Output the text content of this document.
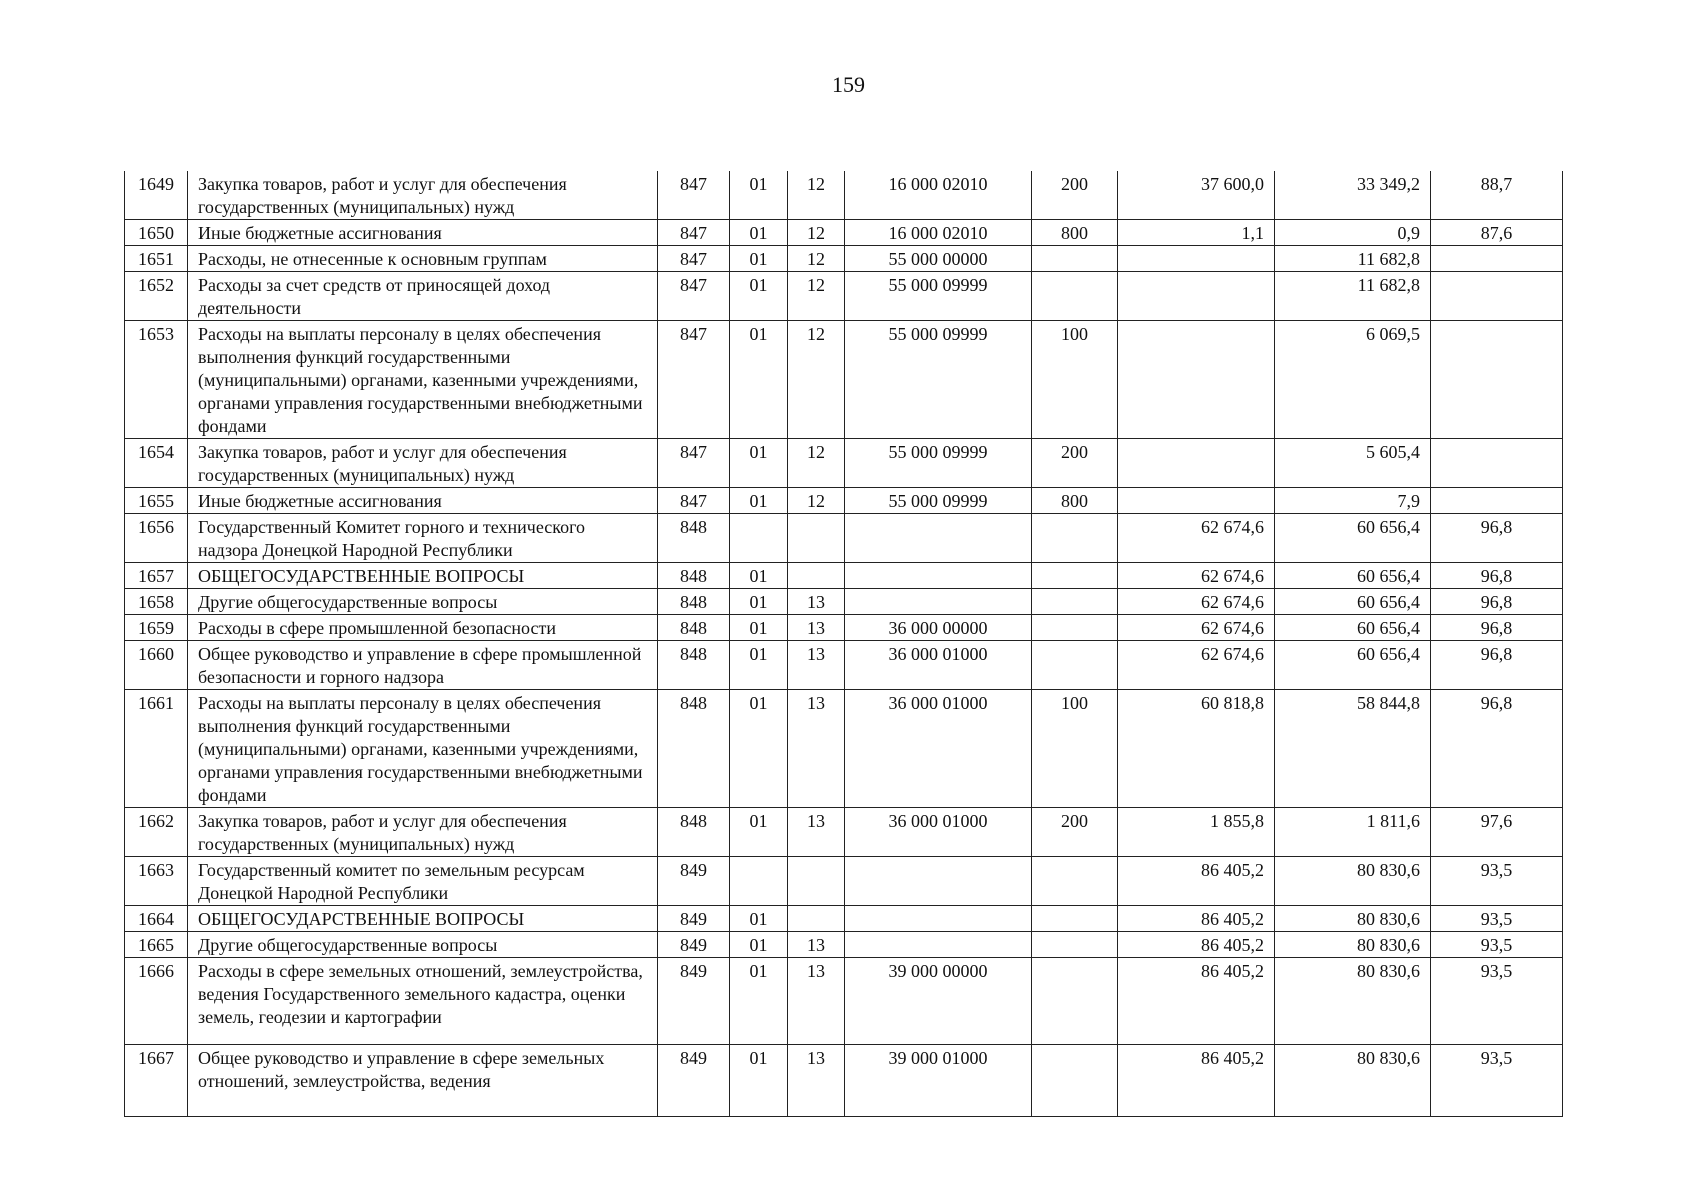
159
1649	Закупка товаров, работ и услуг для обеспечения государственных (муниципальных) нужд	847	01	12	16 000 02010	200	37 600,0	33 349,2	88,7
1650	Иные бюджетные ассигнования	847	01	12	16 000 02010	800	1,1	0,9	87,6
1651	Расходы, не отнесенные к основным группам	847	01	12	55 000 00000			11 682,8	
1652	Расходы за счет средств от приносящей доход деятельности	847	01	12	55 000 09999			11 682,8	
1653	Расходы на выплаты персоналу в целях обеспечения выполнения функций государственными (муниципальными) органами, казенными учреждениями, органами управления государственными внебюджетными фондами	847	01	12	55 000 09999	100		6 069,5	
1654	Закупка товаров, работ и услуг для обеспечения государственных (муниципальных) нужд	847	01	12	55 000 09999	200		5 605,4	
1655	Иные бюджетные ассигнования	847	01	12	55 000 09999	800		7,9	
1656	Государственный Комитет горного и технического надзора Донецкой Народной Республики	848					62 674,6	60 656,4	96,8
1657	ОБЩЕГОСУДАРСТВЕННЫЕ ВОПРОСЫ	848	01				62 674,6	60 656,4	96,8
1658	Другие общегосударственные вопросы	848	01	13			62 674,6	60 656,4	96,8
1659	Расходы в сфере промышленной безопасности	848	01	13	36 000 00000		62 674,6	60 656,4	96,8
1660	Общее руководство и управление в сфере промышленной безопасности и горного надзора	848	01	13	36 000 01000		62 674,6	60 656,4	96,8
1661	Расходы на выплаты персоналу в целях обеспечения выполнения функций государственными (муниципальными) органами, казенными учреждениями, органами управления государственными внебюджетными фондами	848	01	13	36 000 01000	100	60 818,8	58 844,8	96,8
1662	Закупка товаров, работ и услуг для обеспечения государственных (муниципальных) нужд	848	01	13	36 000 01000	200	1 855,8	1 811,6	97,6
1663	Государственный комитет по земельным ресурсам Донецкой Народной Республики	849					86 405,2	80 830,6	93,5
1664	ОБЩЕГОСУДАРСТВЕННЫЕ ВОПРОСЫ	849	01				86 405,2	80 830,6	93,5
1665	Другие общегосударственные вопросы	849	01	13			86 405,2	80 830,6	93,5
1666	Расходы в сфере земельных отношений, землеустройства, ведения Государственного земельного кадастра, оценки земель, геодезии и картографии	849	01	13	39 000 00000		86 405,2	80 830,6	93,5
1667	Общее руководство и управление в сфере земельных отношений, землеустройства, ведения	849	01	13	39 000 01000		86 405,2	80 830,6	93,5
